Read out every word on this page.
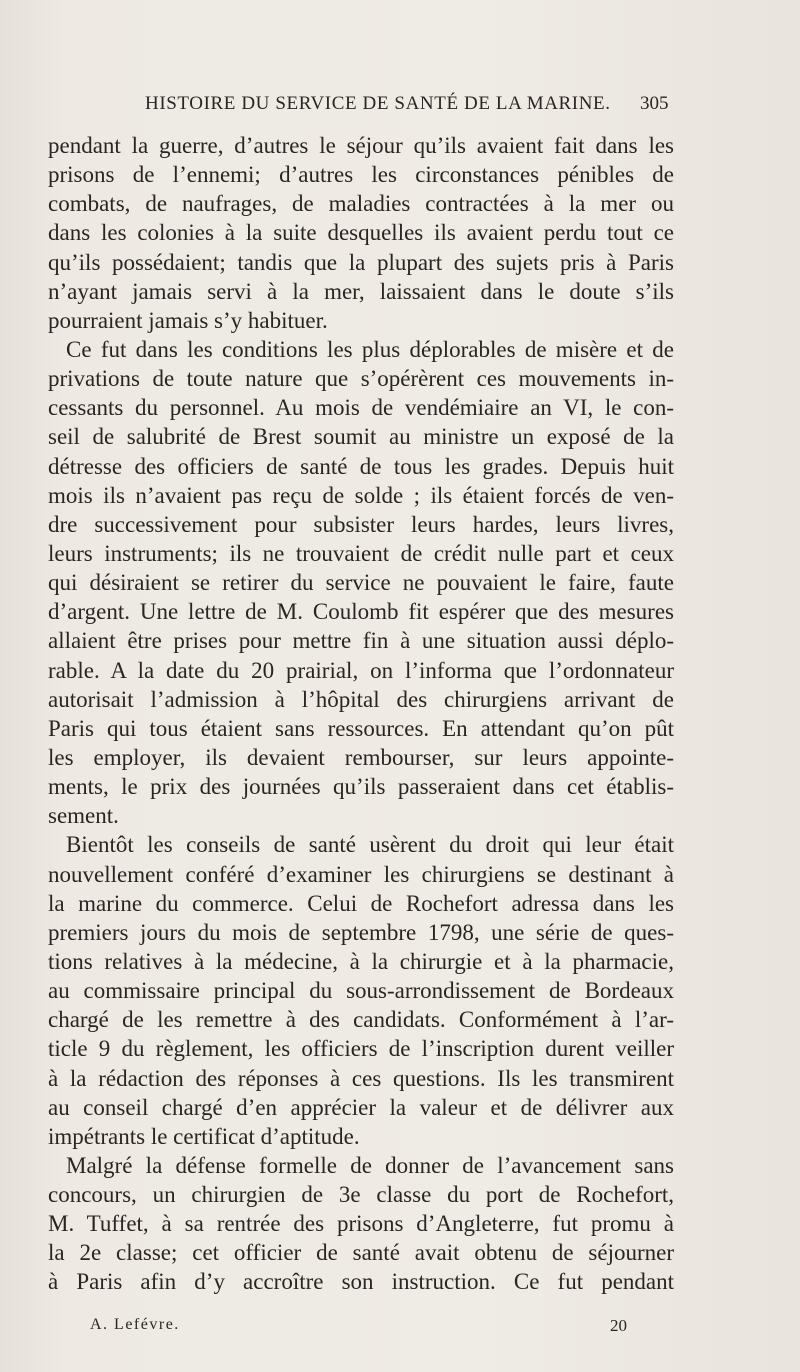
HISTOIRE DU SERVICE DE SANTÉ DE LA MARINE. 305
pendant la guerre, d’autres le séjour qu’ils avaient fait dans les
prisons de l’ennemi; d’autres les circonstances pénibles de
combats, de naufrages, de maladies contractées à la mer ou
dans les colonies à la suite desquelles ils avaient perdu tout ce
qu’ils possédaient; tandis que la plupart des sujets pris à Paris
n’ayant jamais servi à la mer, laissaient dans le doute s’ils
pourraient jamais s’y habituer.
Ce fut dans les conditions les plus déplorables de misère et de
privations de toute nature que s’opérèrent ces mouvements in-
cessants du personnel. Au mois de vendémiaire an VI, le con-
seil de salubrité de Brest soumit au ministre un exposé de la
détresse des officiers de santé de tous les grades. Depuis huit
mois ils n’avaient pas reçu de solde ; ils étaient forcés de ven-
dre successivement pour subsister leurs hardes, leurs livres,
leurs instruments; ils ne trouvaient de crédit nulle part et ceux
qui désiraient se retirer du service ne pouvaient le faire, faute
d’argent. Une lettre de M. Coulomb fit espérer que des mesures
allaient être prises pour mettre fin à une situation aussi déplo-
rable. A la date du 20 prairial, on l’informa que l’ordonnateur
autorisait l’admission à l’hôpital des chirurgiens arrivant de
Paris qui tous étaient sans ressources. En attendant qu’on pût
les employer, ils devaient rembourser, sur leurs appointe-
ments, le prix des journées qu’ils passeraient dans cet établis-
sement.
Bientôt les conseils de santé usèrent du droit qui leur était
nouvellement conféré d’examiner les chirurgiens se destinant à
la marine du commerce. Celui de Rochefort adressa dans les
premiers jours du mois de septembre 1798, une série de ques-
tions relatives à la médecine, à la chirurgie et à la pharmacie,
au commissaire principal du sous-arrondissement de Bordeaux
chargé de les remettre à des candidats. Conformément à l’ar-
ticle 9 du règlement, les officiers de l’inscription durent veiller
à la rédaction des réponses à ces questions. Ils les transmirent
au conseil chargé d’en apprécier la valeur et de délivrer aux
impétrants le certificat d’aptitude.
Malgré la défense formelle de donner de l’avancement sans
concours, un chirurgien de 3e classe du port de Rochefort,
M. Tuffet, à sa rentrée des prisons d’Angleterre, fut promu à
la 2e classe; cet officier de santé avait obtenu de séjourner
à Paris afin d’y accroître son instruction. Ce fut pendant
A. Lefévre.	20
